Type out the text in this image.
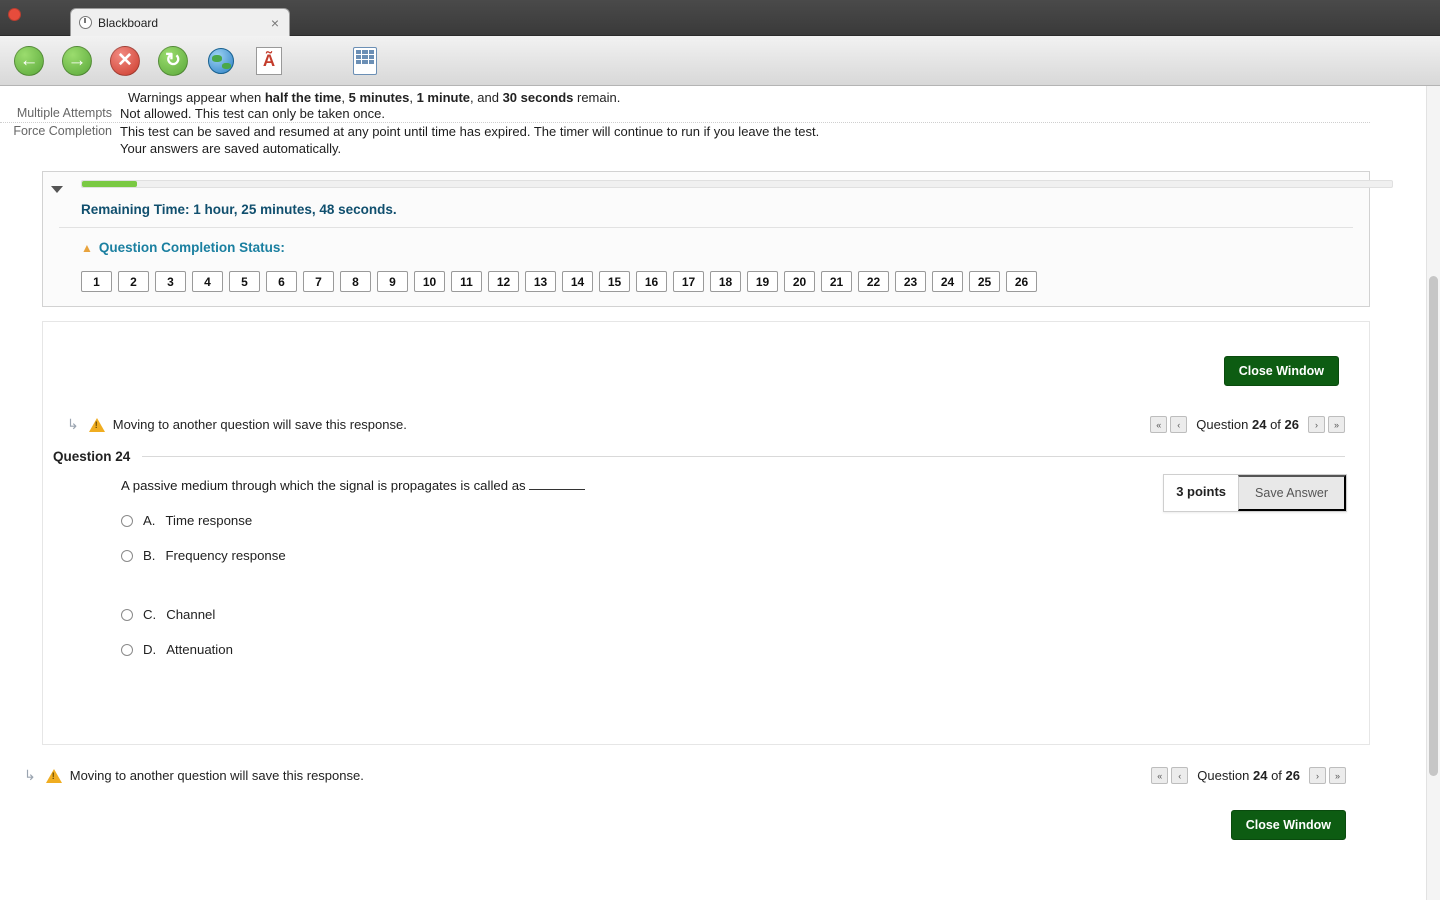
Blackboard	×
← →	✕	↻	Ã
Warnings appear when half the time, 5 minutes, 1 minute, and 30 seconds remain.
Multiple Attempts Not allowed. This test can only be taken once.
Force Completion This test can be saved and resumed at any point until time has expired. The timer will continue to run if you leave the test.
Your answers are saved automatically.
Remaining Time: 1 hour, 25 minutes, 48 seconds.
▲ Question Completion Status:
1	2	3	4	5	6	7	8	9	10	11	12	13	14	15	16	17	18	19	20	21	22	23	24	25	26
Close Window
↳ !	Moving to another question will save this response.	«	‹	Question 24 of 26	›	»
Question 24
3 points	Save Answer
A passive medium through which the signal is propagates is called as
A. Time response
B. Frequency response
C. Channel
D. Attenuation
↳ !	Moving to another question will save this response.	«	‹	Question 24 of 26	›	»
Close Window
